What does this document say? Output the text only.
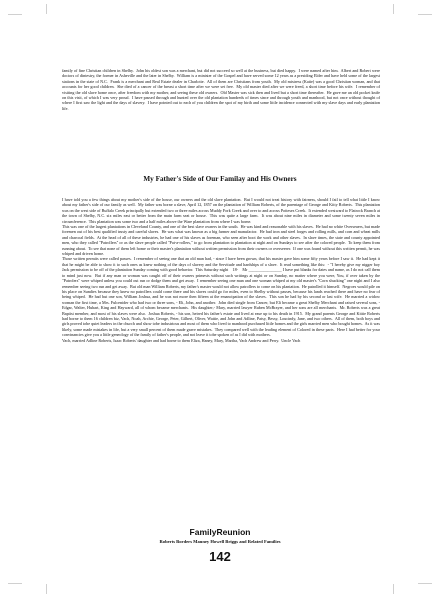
family of fine Christian children in Shelby.  John his oldest son was a merchant, but did not succeed so well at the business, but died happy.  I were named after him.  Albert and Robert were doctors of dintestry, the former in Asheville and the later in Shelby.  William is a minister of the Gospel and have served some 12 years as a presiding Elder and have held some of the largest stations in the state of N.C.  Frank is a merchant and Real Estate dealer in Charlotte.  All of them are Christians from youth.  My old mistress (Katie) was a good Christian woman, and that accounts for her good children.  She died of a cancer of the breast a short time after we were set free.  My old master died after we were freed, a short time before his wife.  I remember of visiting the old slave home once, after freedom with my mother, and seeing these old owners.  Old Master was sick then and lived but a short time thereafter.  He gave me an old pocket knife on this visit, of which I was very proud.  I have passed through and hunted over the old plantation hundreds of times since and through youth and manhood, but not once without thought of where I first saw the light and the days of slavery.  I have pointed out to each of you children the spot of my birth and some little incidence connected with my slave days and early plantation life.
My Father's Side of Our Familay and His Owners
I have told you a few things about my mother's side of the house, our owners and the old slave plantation.  But I would not treat history with fairness, should I fail to tell what little I know about my father's side of our family as well.  My father was borne a slave, April 12, 1857 on the plantation of William Roberts, of the parentage of George and Kitty Roberts.  This plantation was on the west side of Buffalo Creek principally but extended two or three miles across Muddy Fork Creek and over to and across Potteses Creek.  It extended westward to Flatrock Branch at the town of Shelby, N.C. six miles east or better from the main farm seat or house.  This was quite a large farm.  It was about nine miles in diameter and some twenty seven miles in circumference.  This plantation was some two and a half miles above the Ware plantation from where I was borne.
This was one of the largest plantations in Cleveland County, and one of the best slave owners in the south.  He was kind and reasonable with his slaves.  He had no white Overseaers, but made foremen out of his best qualified trusty and careful slaves.  He was what was known as a big farmer and manufactor.  He had iron and steel forges and rolling mills, and corn and wheat mills and charcoal fields.  At the head of all of these industries, he had one of his slaves as foreman, who seen after boot the work and other slaves.  In slave times, the state and county appointed men, who they called "Patrollers" or as the slave people called "Pat-a-rollers," to go from plantation to plantation at night and on Sundays to see after the colored people.  To keep them from running about.  To see that none of them left home or their master's plantation without written permission from their owners or overseerer.  If one was found without this written permit, he was whiped and driven home.
Those written permits were called passes.  I remember of seeing one that an old man had, - since I have been grown, that his master gave him some fifty years before I saw it.  He had kept it that he might be able to show it to such ones as knew nothing of the days of slavery and the Servitude and hardships of a slave.  It read something like this:  - "I hereby give my nigger boy Jack permission to be off of the plantation Sunday coming with good behavior.  This Saturday night    18-    Mr ________________ I have put blanks for dates and name, as I do not call them to mind just now.  But if any man or woman was caught off of their owners primesis without such writings at night or on Sunday, no matter where you were, You, if over taken by the "Patrolers" were whiped unless you could out run or dodge them and get away.  I remember seeing one man and one woman whiped at my old master's "Corn shucking" one night and I also remember seeing two run and get away.  But old man William Roberts, my father's master would not allow patrollers to come on his plantation.  He patrolled it himself.  Negroes would pile on his place on Sundies because they knew no patrollers could come there and his slaves could go for miles, even to Shelby without passes, because his lands reached there and have no fear of being whiped.  He had but one son, William Joshua, and he was not more then fifteen at the emancipation of the slaves.  This son he had by his second or last wife.  He married a widow woman the first time, a Mrs. Fulcenider who had two or three sons, - Eli, John, and another.  John died single from Cancer, but Eli became a great Shelby Merchant and raised several sons, - Edgar, Walter, Hubart, King and Hayward, all of whom became merchants.  His daughter,- Mary, married lawyer Ruben McBrayer, and her sons are all merchants.  Mr. Roberts was a great Baptist member, and most of his slaves were also.  Joshua Roberts, - his son, heired his father's estate and lived at ease up to his death in 1915.  My grand parents George and Kittie Roberts had borne to them 16 children biz, Vach, Noah, Archie, George, Peter, Gilbert, Oliver, Wattie, and John and Adline, Patsy, Bessy, Loucindy, Jane, and two others.  All of them, both boys and girls proved tobe quiet leaders in the church and show tobe industrious and most of them who lived to manhood purchased little homes and the girls married men who bought homes.  As it was likely, some made mistakes in life, but a very small percent of them made grave mistakes.  They compared well with the leading element of Colored in these parts.  Here I had better for your convinancies give you a little geneology of the family of father's people, and not leave it tobe spoken of as I did with mothers.
Vach, married Adline Roberts, Isaac Roberts' daughter and had borne to them Eliza, Haney, Mary, Martha, Vach Andrew and Perry.  Uncle Vach
FamilyReunion
Roberts Borders Mauney Howell Briggs and Related Families
142
